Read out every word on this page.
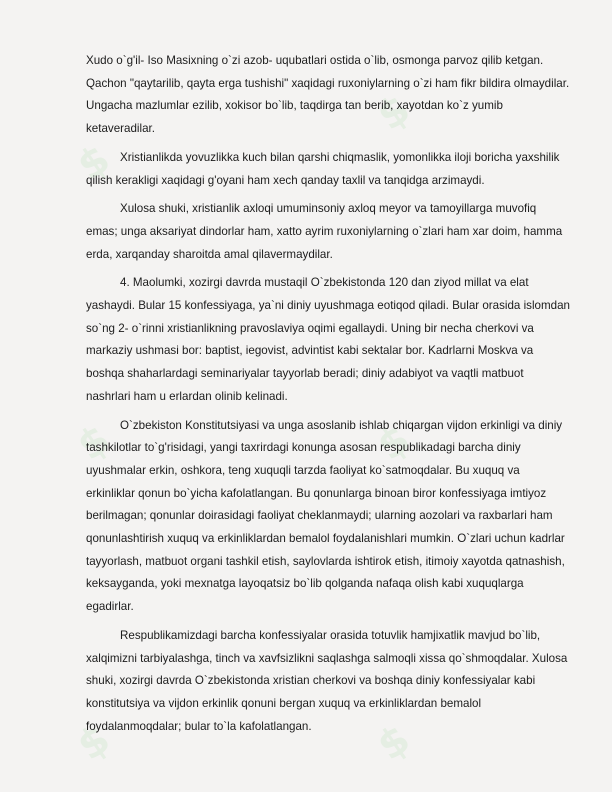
$
$
$	$
$	$

Xudo o`g'il- Iso Masixning o`zi azob- uqubatlari ostida o`lib, osmonga parvoz qilib ketgan. Qachon "qaytarilib, qayta erga tushishi" xaqidagi ruxoniylarning o`zi ham fikr bildira olmaydilar. Ungacha mazlumlar ezilib, xokisor bo`lib, taqdirga tan berib, xayotdan ko`z yumib ketaveradilar.

Xristianlikda yovuzlikka kuch bilan qarshi chiqmaslik, yomonlikka iloji boricha yaxshilik qilish kerakligi xaqidagi g'oyani ham xech qanday taxlil va tanqidga arzimaydi.

Xulosa shuki, xristianlik axloqi umuminsoniy axloq meyor va tamoyillarga muvofiq emas; unga aksariyat dindorlar ham, xatto ayrim ruxoniylarning o`zlari ham xar doim, hamma erda, xarqanday sharoitda amal qilavermaydilar.

4. Maolumki, xozirgi davrda mustaqil O`zbekistonda 120 dan ziyod millat va elat yashaydi. Bular 15 konfessiyaga, ya`ni diniy uyushmaga eotiqod qiladi. Bular orasida islomdan so`ng 2- o`rinni xristianlikning pravoslaviya oqimi egallaydi. Uning bir necha cherkovi va markaziy ushmasi bor: baptist, iegovist, advintist kabi sektalar bor. Kadrlarni Moskva va boshqa shaharlardagi seminariyalar tayyorlab beradi; diniy adabiyot va vaqtli matbuot nashrlari ham u erlardan olinib kelinadi.

O`zbekiston Konstitutsiyasi va unga asoslanib ishlab chiqargan vijdon erkinligi va diniy tashkilotlar to`g'risidagi, yangi taxrirdagi konunga asosan respublikadagi barcha diniy uyushmalar erkin, oshkora, teng xuquqli tarzda faoliyat ko`satmoqdalar. Bu xuquq va erkinliklar qonun bo`yicha kafolatlangan. Bu qonunlarga binoan biror konfessiyaga imtiyoz berilmagan; qonunlar doirasidagi faoliyat cheklanmaydi; ularning aozolari va raxbarlari ham qonunlashtirish xuquq va erkinliklardan bemalol foydalanishlari mumkin. O`zlari uchun kadrlar tayyorlash, matbuot organi tashkil etish, saylovlarda ishtirok etish, itimoiy xayotda qatnashish, keksayganda, yoki mexnatga layoqatsiz bo`lib qolganda nafaqa olish kabi xuquqlarga egadirlar.

Respublikamizdagi barcha konfessiyalar orasida totuvlik hamjixatlik mavjud bo`lib, xalqimizni tarbiyalashga, tinch va xavfsizlikni saqlashga salmoqli xissa qo`shmoqdalar. Xulosa shuki, xozirgi davrda O`zbekistonda xristian cherkovi va boshqa diniy konfessiyalar kabi konstitutsiya va vijdon erkinlik qonuni bergan xuquq va erkinliklardan bemalol foydalanmoqdalar; bular to`la kafolatlangan.
